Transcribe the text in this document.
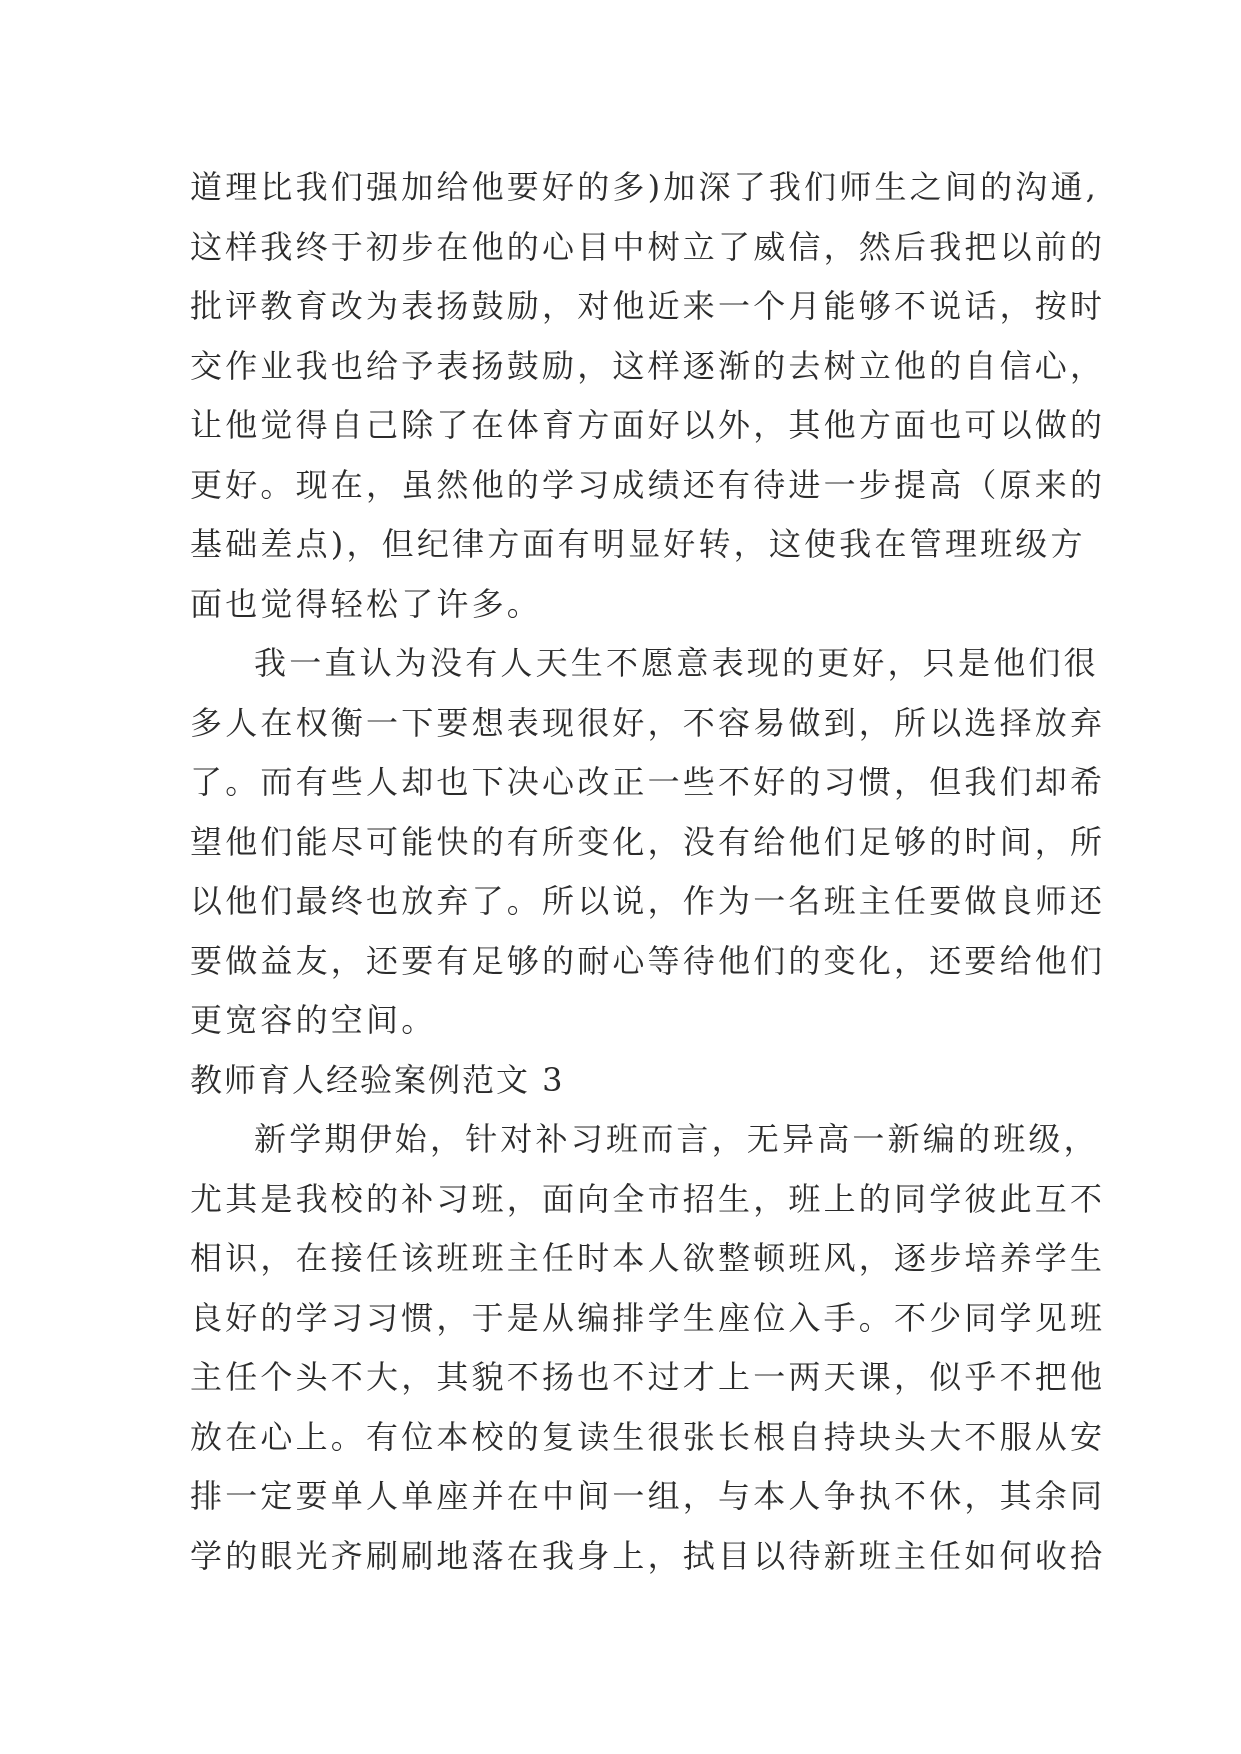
道理比我们强加给他要好的多)加深了我们师生之间的沟通,
这样我终于初步在他的心目中树立了威信，然后我把以前的
批评教育改为表扬鼓励，对他近来一个月能够不说话，按时
交作业我也给予表扬鼓励，这样逐渐的去树立他的自信心，
让他觉得自己除了在体育方面好以外，其他方面也可以做的
更好。现在，虽然他的学习成绩还有待进一步提高（原来的
基础差点)，但纪律方面有明显好转，这使我在管理班级方
面也觉得轻松了许多。
我一直认为没有人天生不愿意表现的更好，只是他们很
多人在权衡一下要想表现很好，不容易做到，所以选择放弃
了。而有些人却也下决心改正一些不好的习惯，但我们却希
望他们能尽可能快的有所变化，没有给他们足够的时间，所
以他们最终也放弃了。所以说，作为一名班主任要做良师还
要做益友，还要有足够的耐心等待他们的变化，还要给他们
更宽容的空间。
教师育人经验案例范文 3
新学期伊始，针对补习班而言，无异高一新编的班级，
尤其是我校的补习班，面向全市招生，班上的同学彼此互不
相识，在接任该班班主任时本人欲整顿班风，逐步培养学生
良好的学习习惯，于是从编排学生座位入手。不少同学见班
主任个头不大，其貌不扬也不过才上一两天课，似乎不把他
放在心上。有位本校的复读生很张长根自持块头大不服从安
排一定要单人单座并在中间一组，与本人争执不休，其余同
学的眼光齐刷刷地落在我身上，拭目以待新班主任如何收拾
